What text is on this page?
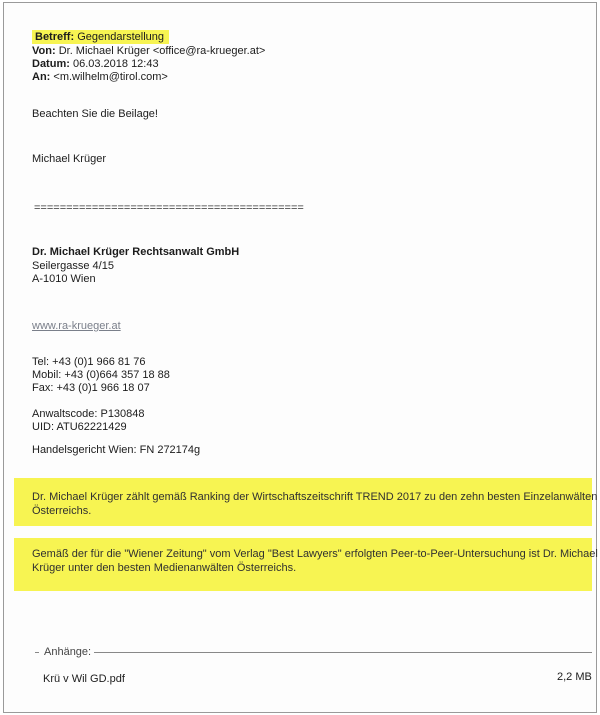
Betreff: Gegendarstellung
Von: Dr. Michael Krüger <office@ra-krueger.at>
Datum: 06.03.2018 12:43
An: <m.wilhelm@tirol.com>
Beachten Sie die Beilage!
Michael Krüger
==========================================
Dr. Michael Krüger Rechtsanwalt GmbH
Seilergasse 4/15
A-1010 Wien
www.ra-krueger.at
Tel: +43 (0)1 966 81 76
Mobil: +43 (0)664 357 18 88
Fax: +43 (0)1 966 18 07
Anwaltscode: P130848
UID: ATU62221429
Handelsgericht Wien: FN 272174g
Dr. Michael Krüger zählt gemäß Ranking der Wirtschaftszeitschrift TREND 2017 zu den zehn besten Einzelanwälten
Österreichs.
Gemäß der für die "Wiener Zeitung" vom Verlag "Best Lawyers" erfolgten Peer-to-Peer-Untersuchung ist Dr. Michael
Krüger unter den besten Medienanwälten Österreichs.
Anhänge:
Krü v Wil GD.pdf	2,2 MB
